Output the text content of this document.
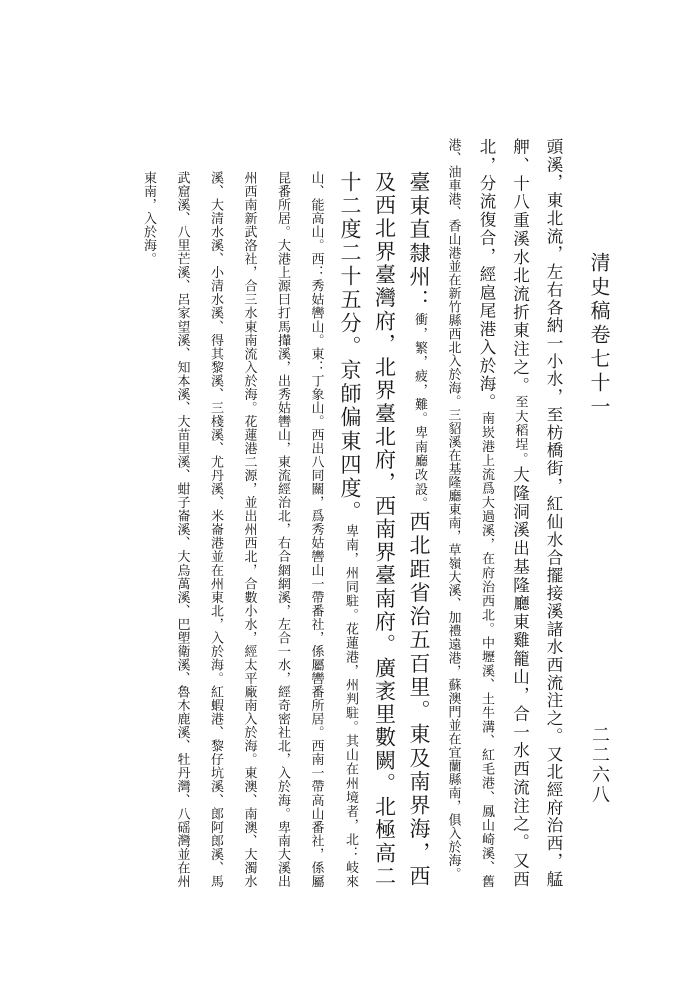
清史稿卷七十一
二二六八

頭溪，東北流，左右各納一小水，至枋橋街，紅仙水合擺接溪諸水西流注之。又北經府治西，艋舺、十八重溪水北流折東注之。至大稻埕。大隆洞溪出基隆廳東雞籠山，合一水西流注之。又西北，分流復合，經扈尾港入於海。南崁港上流爲大過溪，在府治西北。中壢溪、土牛溝、紅毛港、鳳山崎溪、舊港、油車港、香山港並在新竹縣西北入於海。三貂溪在基隆廳東南，草嶺大溪、加禮遠港，蘇澳門並在宜蘭縣南，俱入於海。

臺東直隸州：衝，繁，疲，難。卑南廳改設。西北距省治五百里。東及南界海，西及西北界臺灣府，北界臺北府，西南界臺南府。廣袤里數闕。北極高二十二度二十五分。京師偏東四度。卑南，州同駐。花蓮港，州判駐。其山在州境者，北：岐來山、能高山。西：秀姑轡山。東：丁象山。西出八同關，爲秀姑轡山一帶番社，係屬轡番所居。西南一帶高山番社，係屬昆番所居。大港上源曰打馬攆溪，出秀姑轡山，東流經治北，右合網網溪，左合一水，經奇密社北，入於海。卑南大溪出州西南新武洛社，合三水東南流入於海。花蓮港二源，並出州西北，合數小水，經太平廠南入於海。東澳、南澳、大濁水溪、大清水溪、小清水溪、得其黎溪、三棧溪、尤丹溪、米崙港並在州東北，入於海。紅蝦港、黎仔坑溪、郎阿郎溪、馬武窟溪、八里芒溪、呂家望溪、知本溪、大苗里溪、蚶子崙溪、大烏萬溪、巴塱衛溪、魯木鹿溪、牡丹灣、八磘灣並在州東南，入於海。
